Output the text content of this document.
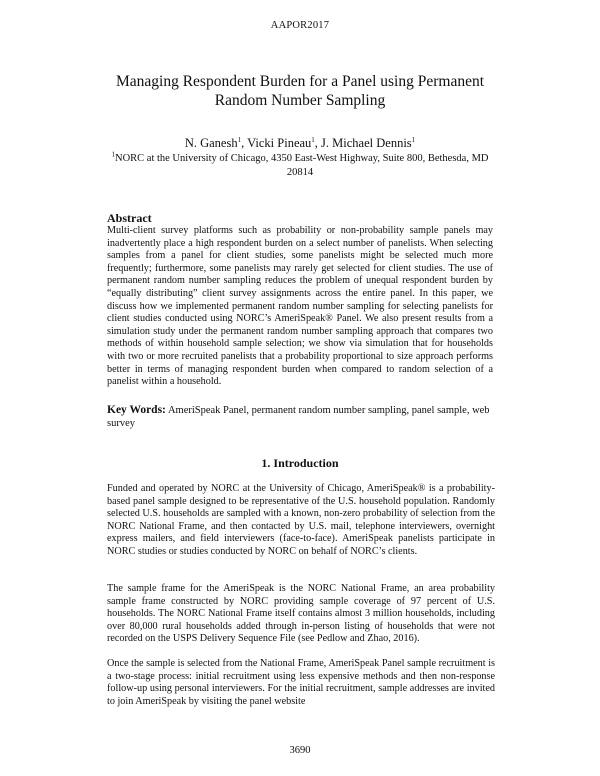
AAPOR2017
Managing Respondent Burden for a Panel using Permanent Random Number Sampling
N. Ganesh$^1$, Vicki Pineau$^1$, J. Michael Dennis$^1$
$^1$NORC at the University of Chicago, 4350 East-West Highway, Suite 800, Bethesda, MD 20814
Abstract
Multi-client survey platforms such as probability or non-probability sample panels may inadvertently place a high respondent burden on a select number of panelists. When selecting samples from a panel for client studies, some panelists might be selected much more frequently; furthermore, some panelists may rarely get selected for client studies. The use of permanent random number sampling reduces the problem of unequal respondent burden by “equally distributing” client survey assignments across the entire panel. In this paper, we discuss how we implemented permanent random number sampling for selecting panelists for client studies conducted using NORC’s AmeriSpeak® Panel. We also present results from a simulation study under the permanent random number sampling approach that compares two methods of within household sample selection; we show via simulation that for households with two or more recruited panelists that a probability proportional to size approach performs better in terms of managing respondent burden when compared to random selection of a panelist within a household.
Key Words: AmeriSpeak Panel, permanent random number sampling, panel sample, web survey
1. Introduction
Funded and operated by NORC at the University of Chicago, AmeriSpeak® is a probability-based panel sample designed to be representative of the U.S. household population. Randomly selected U.S. households are sampled with a known, non-zero probability of selection from the NORC National Frame, and then contacted by U.S. mail, telephone interviewers, overnight express mailers, and field interviewers (face-to-face). AmeriSpeak panelists participate in NORC studies or studies conducted by NORC on behalf of NORC’s clients.
The sample frame for the AmeriSpeak is the NORC National Frame, an area probability sample frame constructed by NORC providing sample coverage of 97 percent of U.S. households. The NORC National Frame itself contains almost 3 million households, including over 80,000 rural households added through in-person listing of households that were not recorded on the USPS Delivery Sequence File (see Pedlow and Zhao, 2016).
Once the sample is selected from the National Frame, AmeriSpeak Panel sample recruitment is a two-stage process: initial recruitment using less expensive methods and then non-response follow-up using personal interviewers. For the initial recruitment, sample addresses are invited to join AmeriSpeak by visiting the panel website
3690
